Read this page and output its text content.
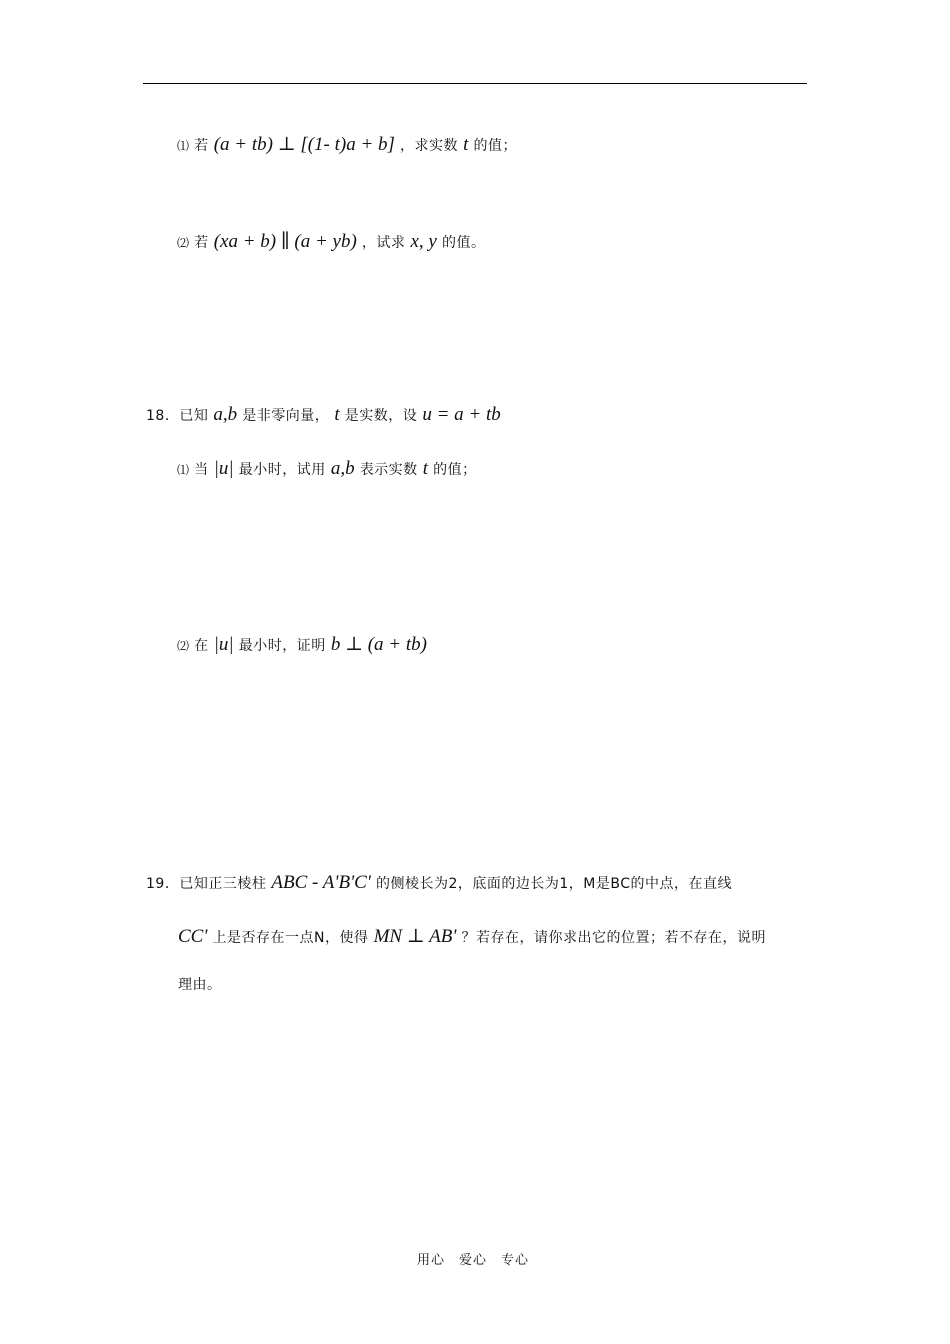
⑴ 若 (a + tb) ⊥ [(1- t)a + b] ，求实数 t 的值；
⑵ 若 (xa + b) ∥ (a + yb) ，试求 x, y 的值。
18．已知 a,b 是非零向量， t 是实数，设 u = a + tb
⑴ 当 |u| 最小时，试用 a,b 表示实数 t 的值；
⑵ 在 |u| 最小时，证明 b ⊥ (a + tb)
19．已知正三棱柱 ABC - A'B'C' 的侧棱长为2，底面的边长为1，M是BC的中点，在直线
CC' 上是否存在一点N，使得 MN ⊥ AB' ？若存在，请你求出它的位置；若不存在，说明
理由。
用心　爱心　专心
